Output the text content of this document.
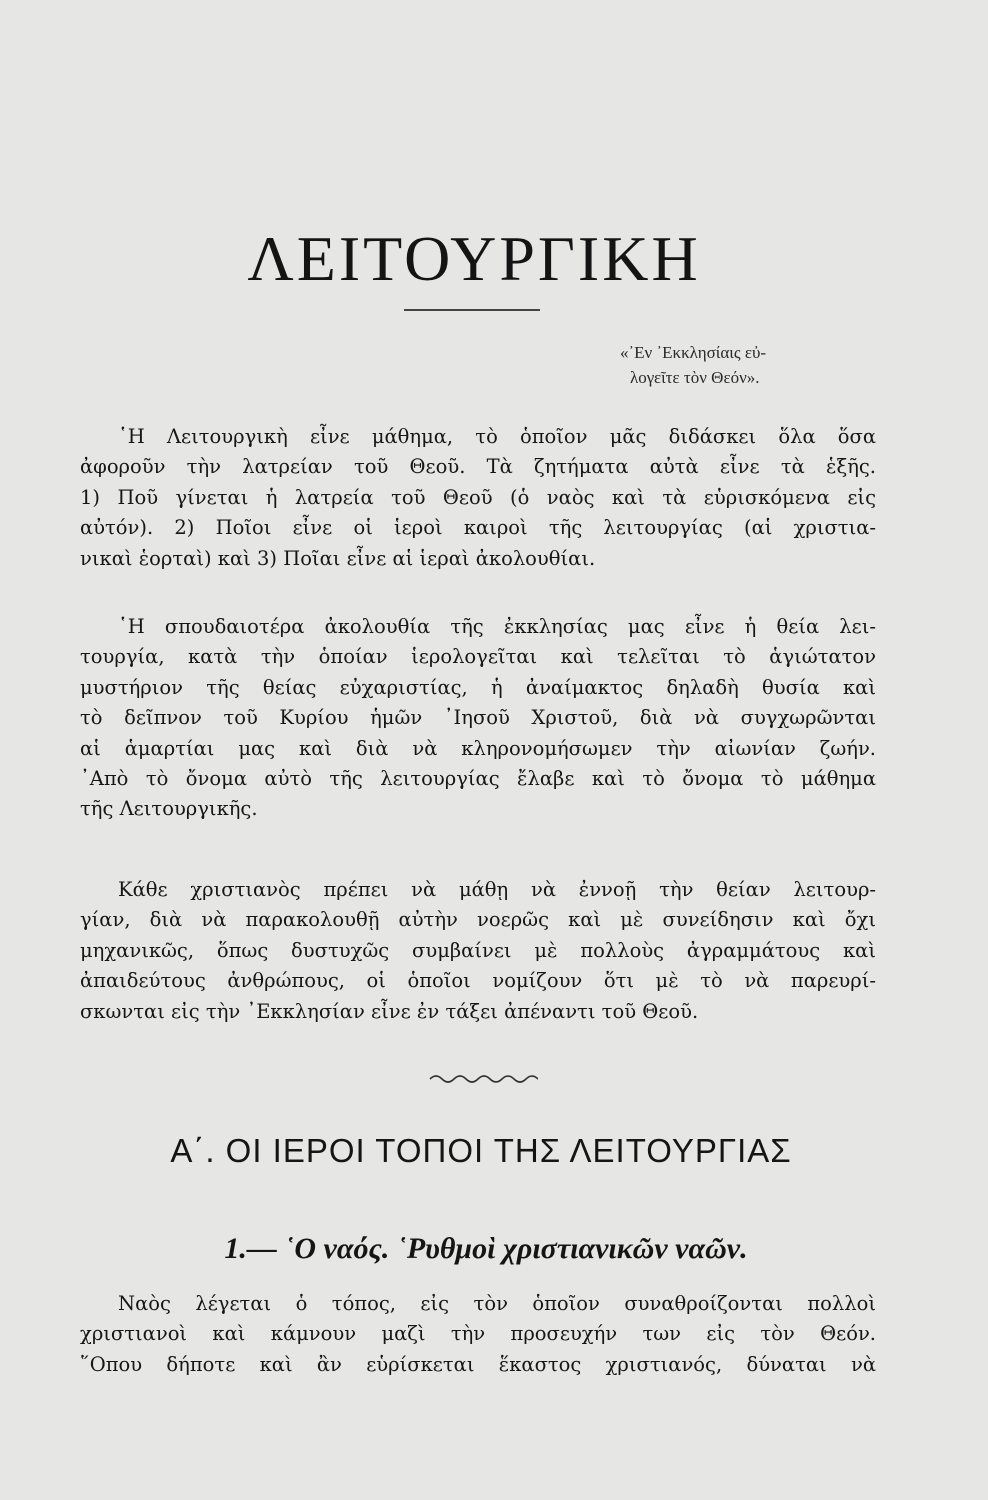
ΛΕΙΤΟΥΡΓΙΚΗ
«᾿Εν ᾿Εκκλησίαις εὐ-
λογεῖτε τὸν Θεόν».
῾Η Λειτουργικὴ εἶνε μάθημα, τὸ ὁποῖον μᾶς διδάσκει ὅλα ὅσα
ἀφοροῦν τὴν λατρείαν τοῦ Θεοῦ. Τὰ ζητήματα αὐτὰ εἶνε τὰ ἑξῆς.
1) Ποῦ γίνεται ἡ λατρεία τοῦ Θεοῦ (ὁ ναὸς καὶ τὰ εὑρισκόμενα εἰς
αὐτόν). 2) Ποῖοι εἶνε οἱ ἱεροὶ καιροὶ τῆς λειτουργίας (αἱ χριστια-
νικαὶ ἑορταὶ) καὶ 3) Ποῖαι εἶνε αἱ ἱεραὶ ἀκολουθίαι.
῾Η σπουδαιοτέρα ἀκολουθία τῆς ἐκκλησίας μας εἶνε ἡ θεία λει-
τουργία, κατὰ τὴν ὁποίαν ἱερολογεῖται καὶ τελεῖται τὸ ἁγιώτατον
μυστήριον τῆς θείας εὐχαριστίας, ἡ ἀναίμακτος δηλαδὴ θυσία καὶ
τὸ δεῖπνον τοῦ Κυρίου ἡμῶν ᾿Ιησοῦ Χριστοῦ, διὰ νὰ συγχωρῶνται
αἱ ἁμαρτίαι μας καὶ διὰ νὰ κληρονομήσωμεν τὴν αἰωνίαν ζωήν.
᾿Απὸ τὸ ὄνομα αὐτὸ τῆς λειτουργίας ἔλαβε καὶ τὸ ὄνομα τὸ μάθημα
τῆς Λειτουργικῆς.
Κάθε χριστιανὸς πρέπει νὰ μάθῃ νὰ ἐννοῇ τὴν θείαν λειτουρ-
γίαν, διὰ νὰ παρακολουθῇ αὐτὴν νοερῶς καὶ μὲ συνείδησιν καὶ ὄχι
μηχανικῶς, ὅπως δυστυχῶς συμβαίνει μὲ πολλοὺς ἀγραμμάτους καὶ
ἀπαιδεύτους ἀνθρώπους, οἱ ὁποῖοι νομίζουν ὅτι μὲ τὸ νὰ παρευρί-
σκωνται εἰς τὴν ᾿Εκκλησίαν εἶνε ἐν τάξει ἀπέναντι τοῦ Θεοῦ.
Α΄. ΟΙ ΙΕΡΟΙ ΤΟΠΟΙ ΤΗΣ ΛΕΙΤΟΥΡΓΙΑΣ
1.— ῾Ο ναός. ῾Ρυθμοὶ χριστιανικῶν ναῶν.
Ναὸς λέγεται ὁ τόπος, εἰς τὸν ὁποῖον συναθροίζονται πολλοὶ
χριστιανοὶ καὶ κάμνουν μαζὶ τὴν προσευχήν των εἰς τὸν Θεόν.
῞Οπου δήποτε καὶ ἂν εὑρίσκεται ἕκαστος χριστιανός, δύναται νὰ
